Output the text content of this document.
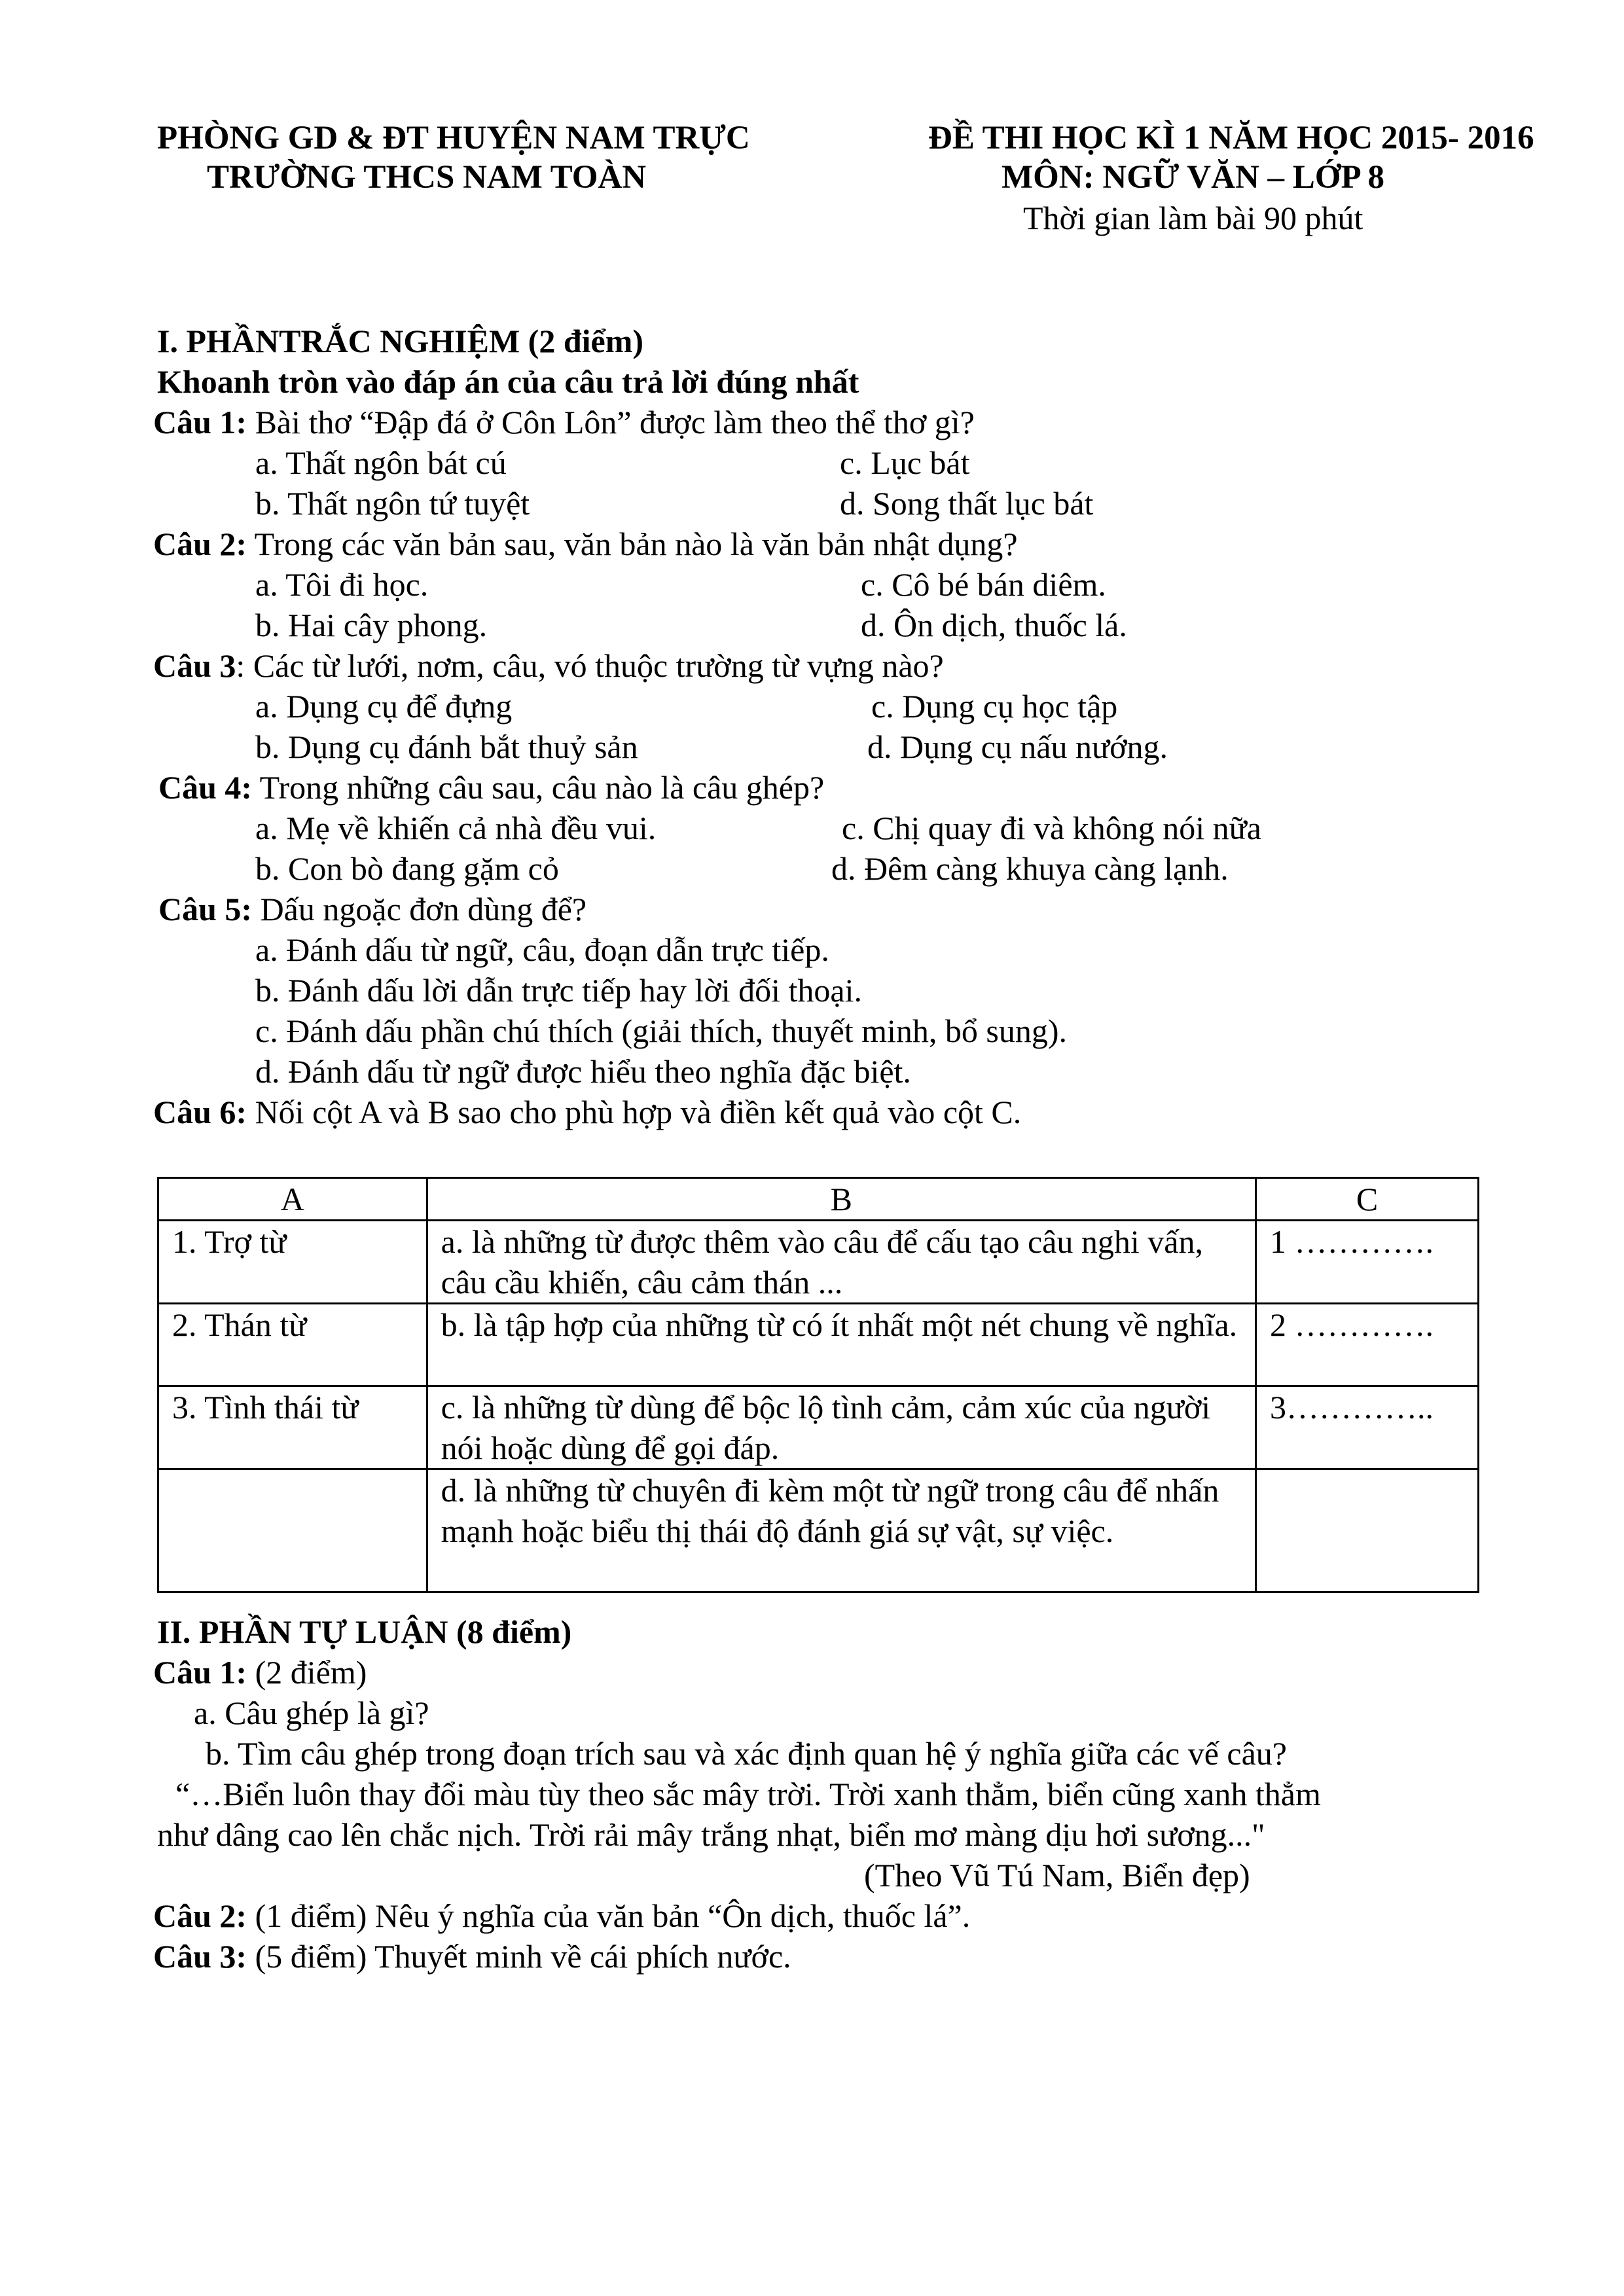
PHÒNG GD & ĐT HUYỆN NAM TRỰC
TRƯỜNG THCS NAM TOÀN
ĐỀ THI HỌC KÌ 1 NĂM HỌC 2015- 2016
MÔN: NGỮ VĂN – LỚP 8
Thời gian làm bài 90 phút
I. PHẦNTRẮC NGHIỆM (2 điểm)
Khoanh tròn vào đáp án của câu trả lời đúng nhất
Câu 1: Bài thơ “Đập đá ở Côn Lôn” được làm theo thể thơ gì?
a. Thất ngôn bát cú	c. Lục bát
b. Thất ngôn tứ tuyệt	d. Song thất lục bát
Câu 2: Trong các văn bản sau, văn bản nào là văn bản nhật dụng?
a. Tôi đi học.	c. Cô bé bán diêm.
b. Hai cây phong.	d. Ôn dịch, thuốc lá.
Câu 3: Các từ lưới, nơm, câu, vó thuộc trường từ vựng nào?
a. Dụng cụ để đựng	c. Dụng cụ học tập
b. Dụng cụ đánh bắt thuỷ sản	d. Dụng cụ nấu nướng.
Câu 4: Trong những câu sau, câu nào là câu ghép?
a. Mẹ về khiến cả nhà đều vui.	c. Chị quay đi và không nói nữa
b. Con bò đang gặm cỏ	d. Đêm càng khuya càng lạnh.
Câu 5: Dấu ngoặc đơn dùng để?
a. Đánh dấu từ ngữ, câu, đoạn dẫn trực tiếp.
b. Đánh dấu lời dẫn trực tiếp hay lời đối thoại.
c. Đánh dấu phần chú thích (giải thích, thuyết minh, bổ sung).
d. Đánh dấu từ ngữ được hiểu theo nghĩa đặc biệt.
Câu 6: Nối cột A và B sao cho phù hợp và điền kết quả vào cột C.
A	B	C
1. Trợ từ	a. là những từ được thêm vào câu để cấu tạo câu nghi vấn, câu cầu khiến, câu cảm thán ...	1 ………….
2. Thán từ	b. là tập hợp của những từ có ít nhất một nét chung về nghĩa.	2 ………….
3. Tình thái từ	c. là những từ dùng để bộc lộ tình cảm, cảm xúc của người nói hoặc dùng để gọi đáp.	3…………..
	d. là những từ chuyên đi kèm một từ ngữ trong câu để nhấn mạnh hoặc biểu thị thái độ đánh giá sự vật, sự việc.	
II. PHẦN TỰ LUẬN (8 điểm)
Câu 1: (2 điểm)
a. Câu ghép là gì?
b. Tìm câu ghép trong đoạn trích sau và xác định quan hệ ý nghĩa giữa các vế câu?
“…Biển luôn thay đổi màu tùy theo sắc mây trời. Trời xanh thẳm, biển cũng xanh thẳm
như dâng cao lên chắc nịch. Trời rải mây trắng nhạt, biển mơ màng dịu hơi sương..."
(Theo Vũ Tú Nam, Biển đẹp)
Câu 2: (1 điểm) Nêu ý nghĩa của văn bản “Ôn dịch, thuốc lá”.
Câu 3: (5 điểm) Thuyết minh về cái phích nước.
